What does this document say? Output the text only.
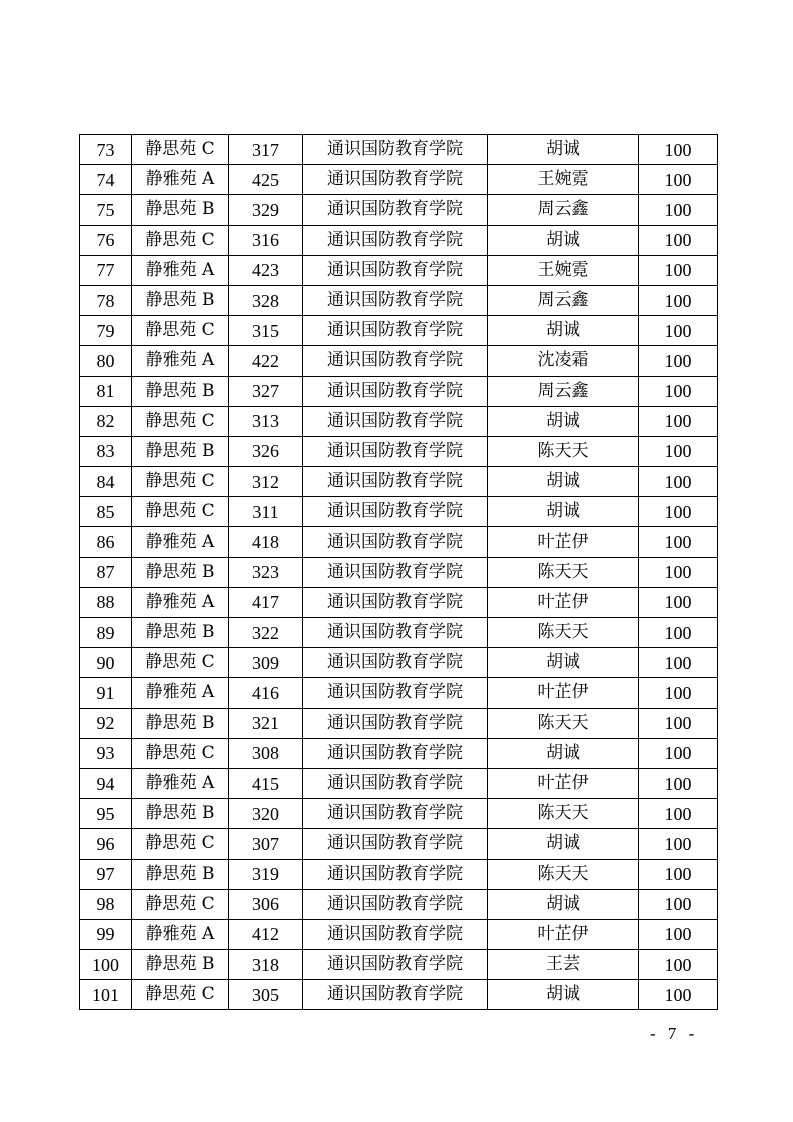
73	静思苑 C	317	通识国防教育学院	胡诚	100
74	静雅苑 A	425	通识国防教育学院	王婉霓	100
75	静思苑 B	329	通识国防教育学院	周云鑫	100
76	静思苑 C	316	通识国防教育学院	胡诚	100
77	静雅苑 A	423	通识国防教育学院	王婉霓	100
78	静思苑 B	328	通识国防教育学院	周云鑫	100
79	静思苑 C	315	通识国防教育学院	胡诚	100
80	静雅苑 A	422	通识国防教育学院	沈凌霜	100
81	静思苑 B	327	通识国防教育学院	周云鑫	100
82	静思苑 C	313	通识国防教育学院	胡诚	100
83	静思苑 B	326	通识国防教育学院	陈天天	100
84	静思苑 C	312	通识国防教育学院	胡诚	100
85	静思苑 C	311	通识国防教育学院	胡诚	100
86	静雅苑 A	418	通识国防教育学院	叶芷伊	100
87	静思苑 B	323	通识国防教育学院	陈天天	100
88	静雅苑 A	417	通识国防教育学院	叶芷伊	100
89	静思苑 B	322	通识国防教育学院	陈天天	100
90	静思苑 C	309	通识国防教育学院	胡诚	100
91	静雅苑 A	416	通识国防教育学院	叶芷伊	100
92	静思苑 B	321	通识国防教育学院	陈天天	100
93	静思苑 C	308	通识国防教育学院	胡诚	100
94	静雅苑 A	415	通识国防教育学院	叶芷伊	100
95	静思苑 B	320	通识国防教育学院	陈天天	100
96	静思苑 C	307	通识国防教育学院	胡诚	100
97	静思苑 B	319	通识国防教育学院	陈天天	100
98	静思苑 C	306	通识国防教育学院	胡诚	100
99	静雅苑 A	412	通识国防教育学院	叶芷伊	100
100	静思苑 B	318	通识国防教育学院	王芸	100
101	静思苑 C	305	通识国防教育学院	胡诚	100
- 7 -
